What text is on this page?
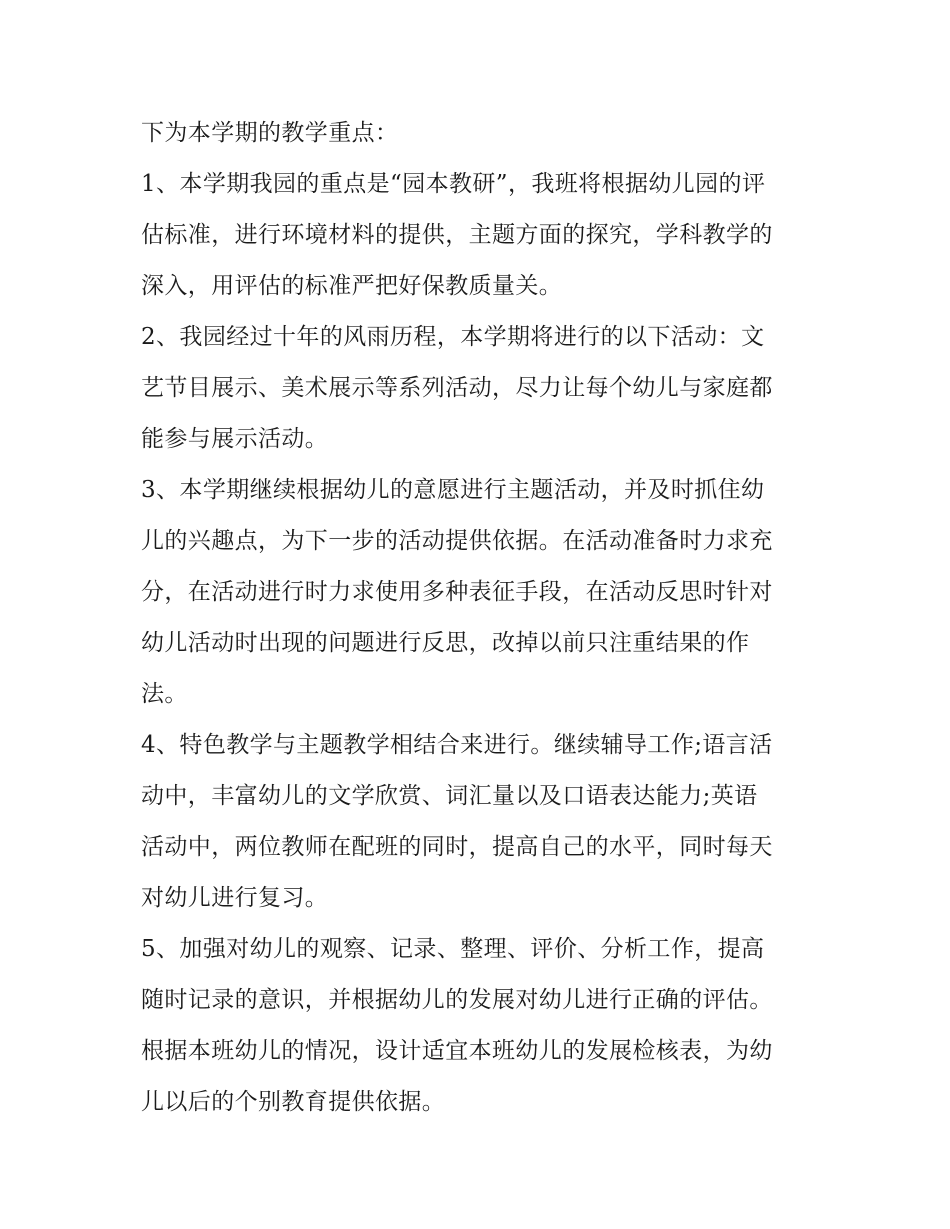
下为本学期的教学重点：
1、本学期我园的重点是“园本教研”，我班将根据幼儿园的评
估标准，进行环境材料的提供，主题方面的探究，学科教学的
深入，用评估的标准严把好保教质量关。
2、我园经过十年的风雨历程，本学期将进行的以下活动：文
艺节目展示、美术展示等系列活动，尽力让每个幼儿与家庭都
能参与展示活动。
3、本学期继续根据幼儿的意愿进行主题活动，并及时抓住幼
儿的兴趣点，为下一步的活动提供依据。在活动准备时力求充
分，在活动进行时力求使用多种表征手段，在活动反思时针对
幼儿活动时出现的问题进行反思，改掉以前只注重结果的作
法。
4、特色教学与主题教学相结合来进行。继续辅导工作;语言活
动中，丰富幼儿的文学欣赏、词汇量以及口语表达能力;英语
活动中，两位教师在配班的同时，提高自己的水平，同时每天
对幼儿进行复习。
5、加强对幼儿的观察、记录、整理、评价、分析工作，提高
随时记录的意识，并根据幼儿的发展对幼儿进行正确的评估。
根据本班幼儿的情况，设计适宜本班幼儿的发展检核表，为幼
儿以后的个别教育提供依据。
